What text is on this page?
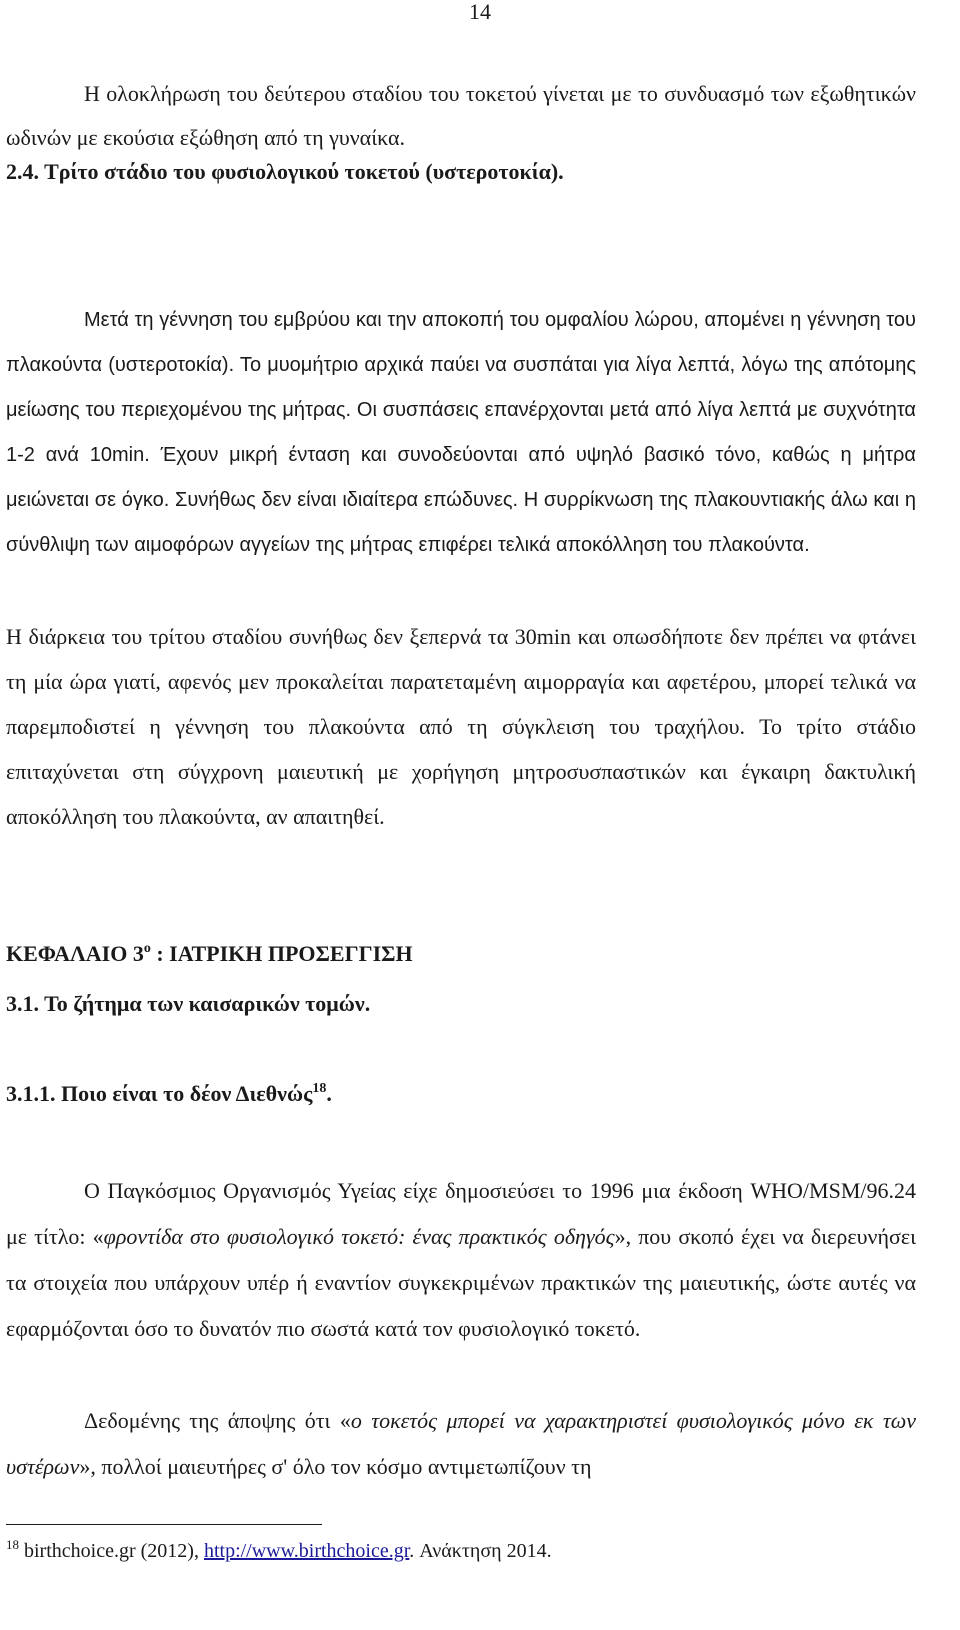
14

Η ολοκλήρωση του δεύτερου σταδίου του τοκετού γίνεται με το συνδυασμό των εξωθητικών ωδινών με εκούσια εξώθηση από τη γυναίκα.

2.4. Τρίτο στάδιο του φυσιολογικού τοκετού (υστεροτοκία).

Μετά τη γέννηση του εμβρύου και την αποκοπή του ομφαλίου λώρου, απομένει η γέννηση του πλακούντα (υστεροτοκία). Το μυομήτριο αρχικά παύει να συσπάται για λίγα λεπτά, λόγω της απότομης μείωσης του περιεχομένου της μήτρας. Οι συσπάσεις επανέρχονται μετά από λίγα λεπτά με συχνότητα 1-2 ανά 10min. Έχουν μικρή ένταση και συνοδεύονται από υψηλό βασικό τόνο, καθώς η μήτρα μειώνεται σε όγκο. Συνήθως δεν είναι ιδιαίτερα επώδυνες. Η συρρίκνωση της πλακουντιακής άλω και η σύνθλιψη των αιμοφόρων αγγείων της μήτρας επιφέρει τελικά αποκόλληση του πλακούντα.

Η διάρκεια του τρίτου σταδίου συνήθως δεν ξεπερνά τα 30min και οπωσδήποτε δεν πρέπει να φτάνει τη μία ώρα γιατί, αφενός μεν προκαλείται παρατεταμένη αιμορραγία και αφετέρου, μπορεί τελικά να παρεμποδιστεί η γέννηση του πλακούντα από τη σύγκλειση του τραχήλου. Το τρίτο στάδιο επιταχύνεται στη σύγχρονη μαιευτική με χορήγηση μητροσυσπαστικών και έγκαιρη δακτυλική αποκόλληση του πλακούντα, αν απαιτηθεί.

ΚΕΦΑΛΑΙΟ $3^o$ : ΙΑΤΡΙΚΗ ΠΡΟΣΕΓΓΙΣΗ
3.1. Το ζήτημα των καισαρικών τομών.
3.1.1. Ποιο είναι το δέον Διεθνώς$^{18}$.

Ο Παγκόσμιος Οργανισμός Υγείας είχε δημοσιεύσει το 1996 μια έκδοση WHO/MSM/96.24 με τίτλο: «φροντίδα στο φυσιολογικό τοκετό: ένας πρακτικός οδηγός», που σκοπό έχει να διερευνήσει τα στοιχεία που υπάρχουν υπέρ ή εναντίον συγκεκριμένων πρακτικών της μαιευτικής, ώστε αυτές να εφαρμόζονται όσο το δυνατόν πιο σωστά κατά τον φυσιολογικό τοκετό.

Δεδομένης της άποψης ότι «ο τοκετός μπορεί να χαρακτηριστεί φυσιολογικός μόνο εκ των υστέρων», πολλοί μαιευτήρες σ' όλο τον κόσμο αντιμετωπίζουν τη

$^{18}$ birthchoice.gr (2012), http://www.birthchoice.gr. Ανάκτηση 2014.
